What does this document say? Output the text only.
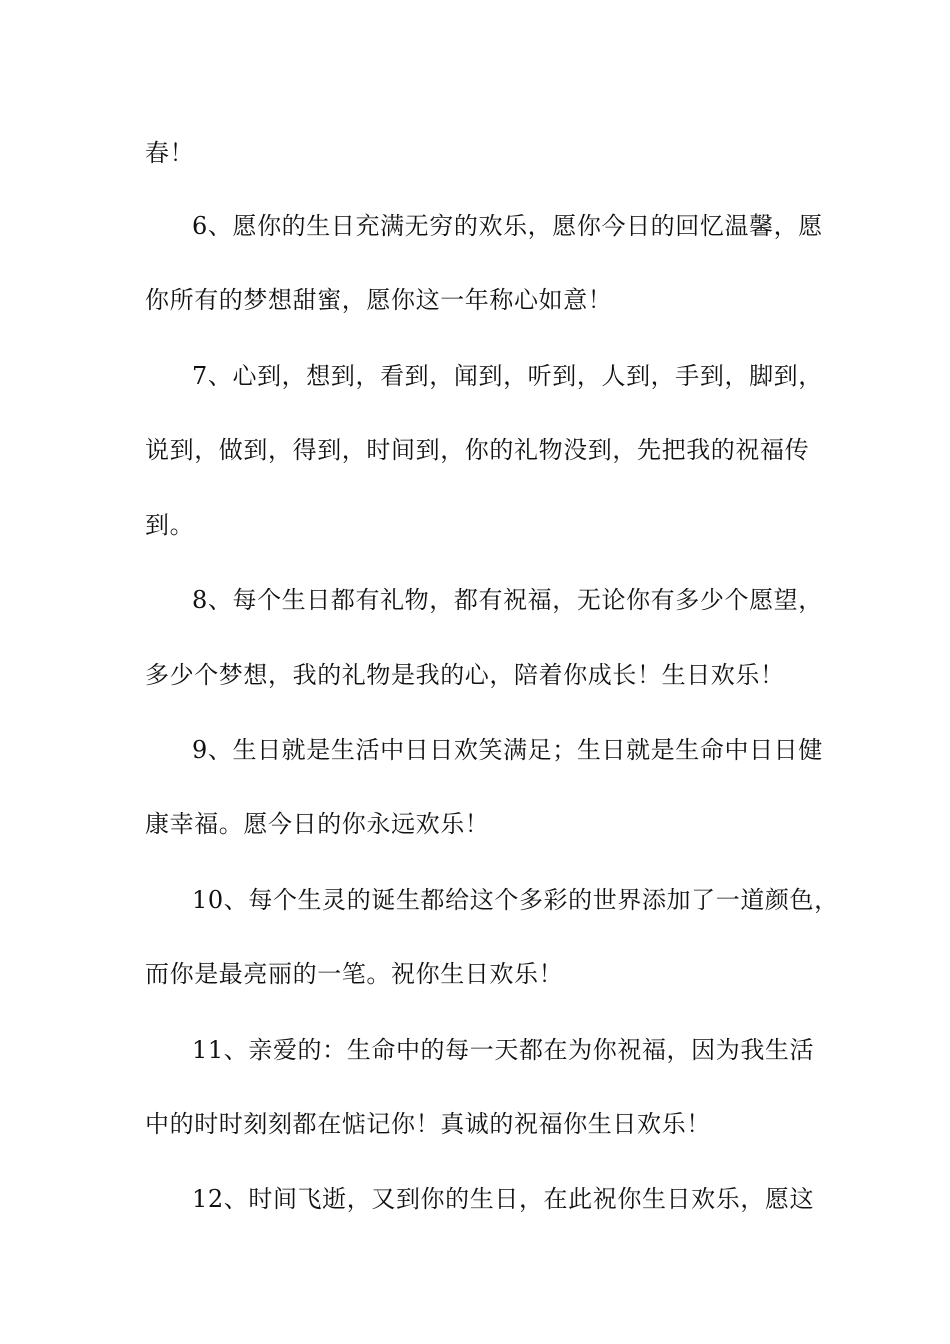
春！
6、愿你的生日充满无穷的欢乐，愿你今日的回忆温馨，愿
你所有的梦想甜蜜，愿你这一年称心如意！
7、心到，想到，看到，闻到，听到，人到，手到，脚到，
说到，做到，得到，时间到，你的礼物没到，先把我的祝福传
到。
8、每个生日都有礼物，都有祝福，无论你有多少个愿望，
多少个梦想，我的礼物是我的心，陪着你成长！生日欢乐！
9、生日就是生活中日日欢笑满足；生日就是生命中日日健
康幸福。愿今日的你永远欢乐！
10、每个生灵的诞生都给这个多彩的世界添加了一道颜色，
而你是最亮丽的一笔。祝你生日欢乐！
11、亲爱的：生命中的每一天都在为你祝福，因为我生活
中的时时刻刻都在惦记你！真诚的祝福你生日欢乐！
12、时间飞逝，又到你的生日，在此祝你生日欢乐，愿这
